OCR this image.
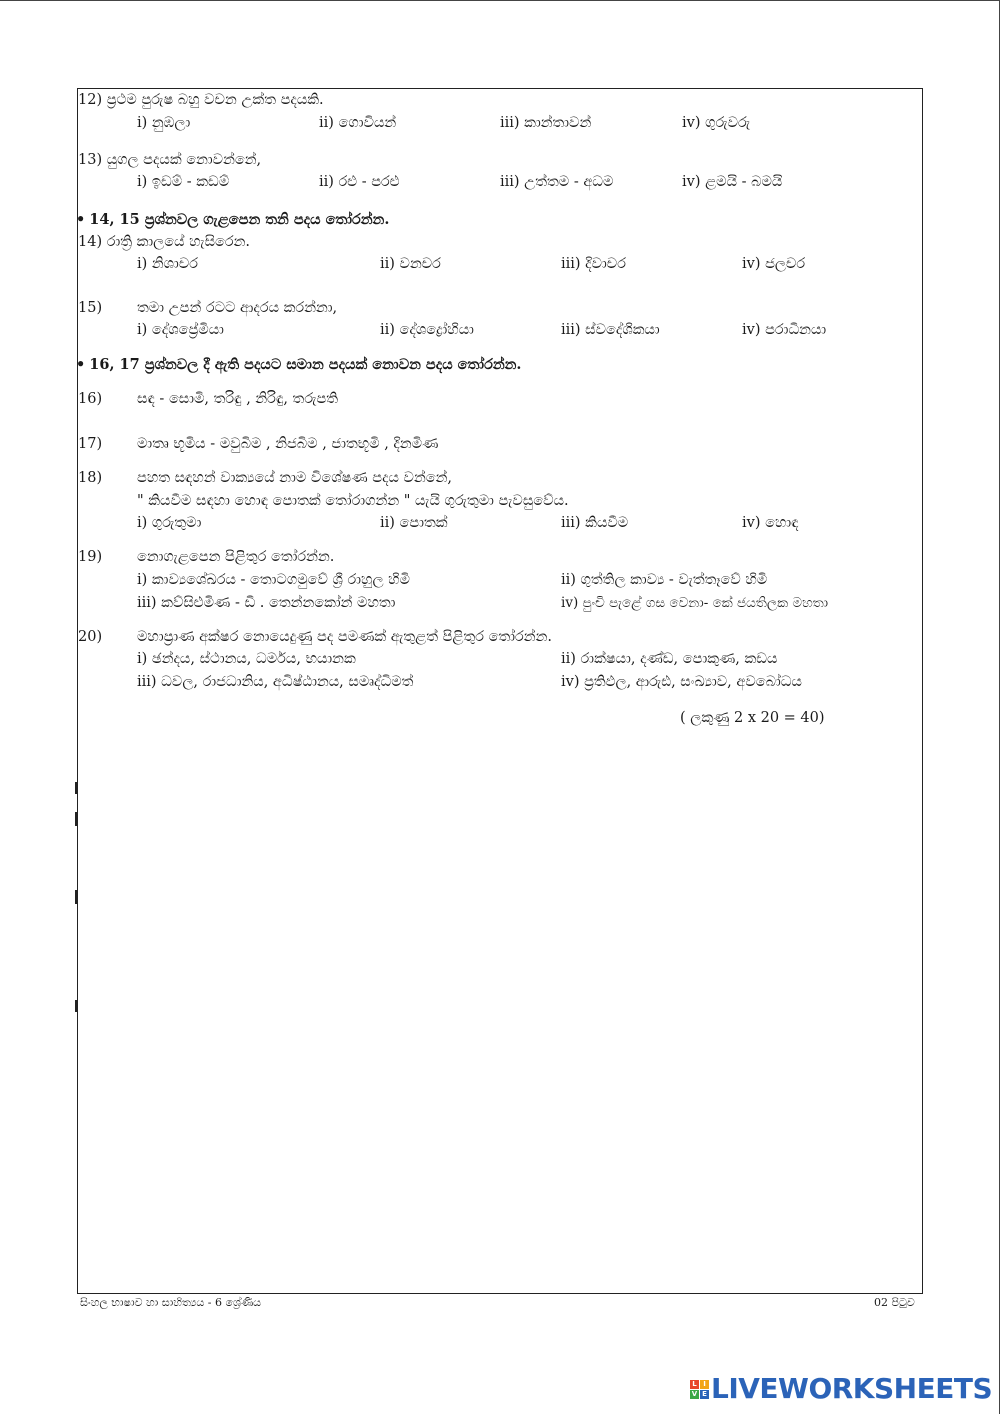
12) ප්‍රථම පුරුෂ බහු වචන උක්ත පදයකි.
i) නුඹලා	ii) ගොවියන්	iii) කාන්තාවන්	iv) ගුරුවරු
13) යුගල පදයක් නොවන්නේ,
i) ඉඩම් - කඩම්	ii) රළු - පරළු	iii) උත්තම - අධම	iv) ළමයි - බමයි
• 14, 15 ප්‍රශ්නවල ගැළපෙන තනි පදය තෝරන්න.
14) රාත්‍රි කාලයේ හැසිරෙන.
i) නිශාචර	ii) වනචර	iii) දිවාචර	iv) ජලචර
15) තමා උපන් රටට ආදරය කරන්නා,
i) දේශප්‍රේමියා	ii) දේශද්‍රෝහියා	iii) ස්වදේශිකයා	iv) පරාධීනයා
• 16, 17 ප්‍රශ්නවල දී ඇති පදයට සමාන පදයක් නොවන පදය තෝරන්න.
16) සඳ - සොමි, තරිඳු , නිරිඳු, තරුපති
17) මාතෘ භූමිය - මවුබිම , නිජබිම , ජාතභූමි , දිනමිණ
18) පහත සඳහන් වාක්‍යයේ නාම විශේෂණ පදය වන්නේ,
" කියවීම සඳහා හොඳ පොතක් තෝරාගන්න " යැයි ගුරුතුමා පැවසුවේය.
i) ගුරුතුමා	ii) පොතක්	iii) කියවීම	iv) හොඳ
19) නොගැළපෙන පිළිතුර තෝරන්න.
i) කාව්‍යශේඛරය - තොටගමුවේ ශ්‍රී රාහුල හිමි	ii) ගුත්තිල කාව්‍ය - වැත්තෑවේ හිමි
iii) කව්සිළුමිණ - ඩී . තෙන්නකෝන් මහතා	iv) පුංචි පැළේ ගස වෙනා- කේ ජයතිලක මහතා
20) මහාප්‍රාණ අක්ෂර නොයෙදුණු පද පමණක් ඇතුළත් පිළිතුර තෝරන්න.
i) ඡන්දය, ස්ථානය, ධර්මය, භයානක	ii) රාක්ෂයා, දණ්ඩ, පොකුණ, කඩය
iii) ධවල, රාජධානිය, අධිෂ්ඨානය, සමෘද්ධිමත්	iv) ප්‍රතිඵල, ආරුඪ, සංඛ්‍යාව, අවබෝධය
( ලකුණු 2 x 20 = 40)
සිංහල භාෂාව හා සාහිත්‍යය - 6 ශ්‍රේණිය	02 පිටුව
L I
V E LIVEWORKSHEETS
